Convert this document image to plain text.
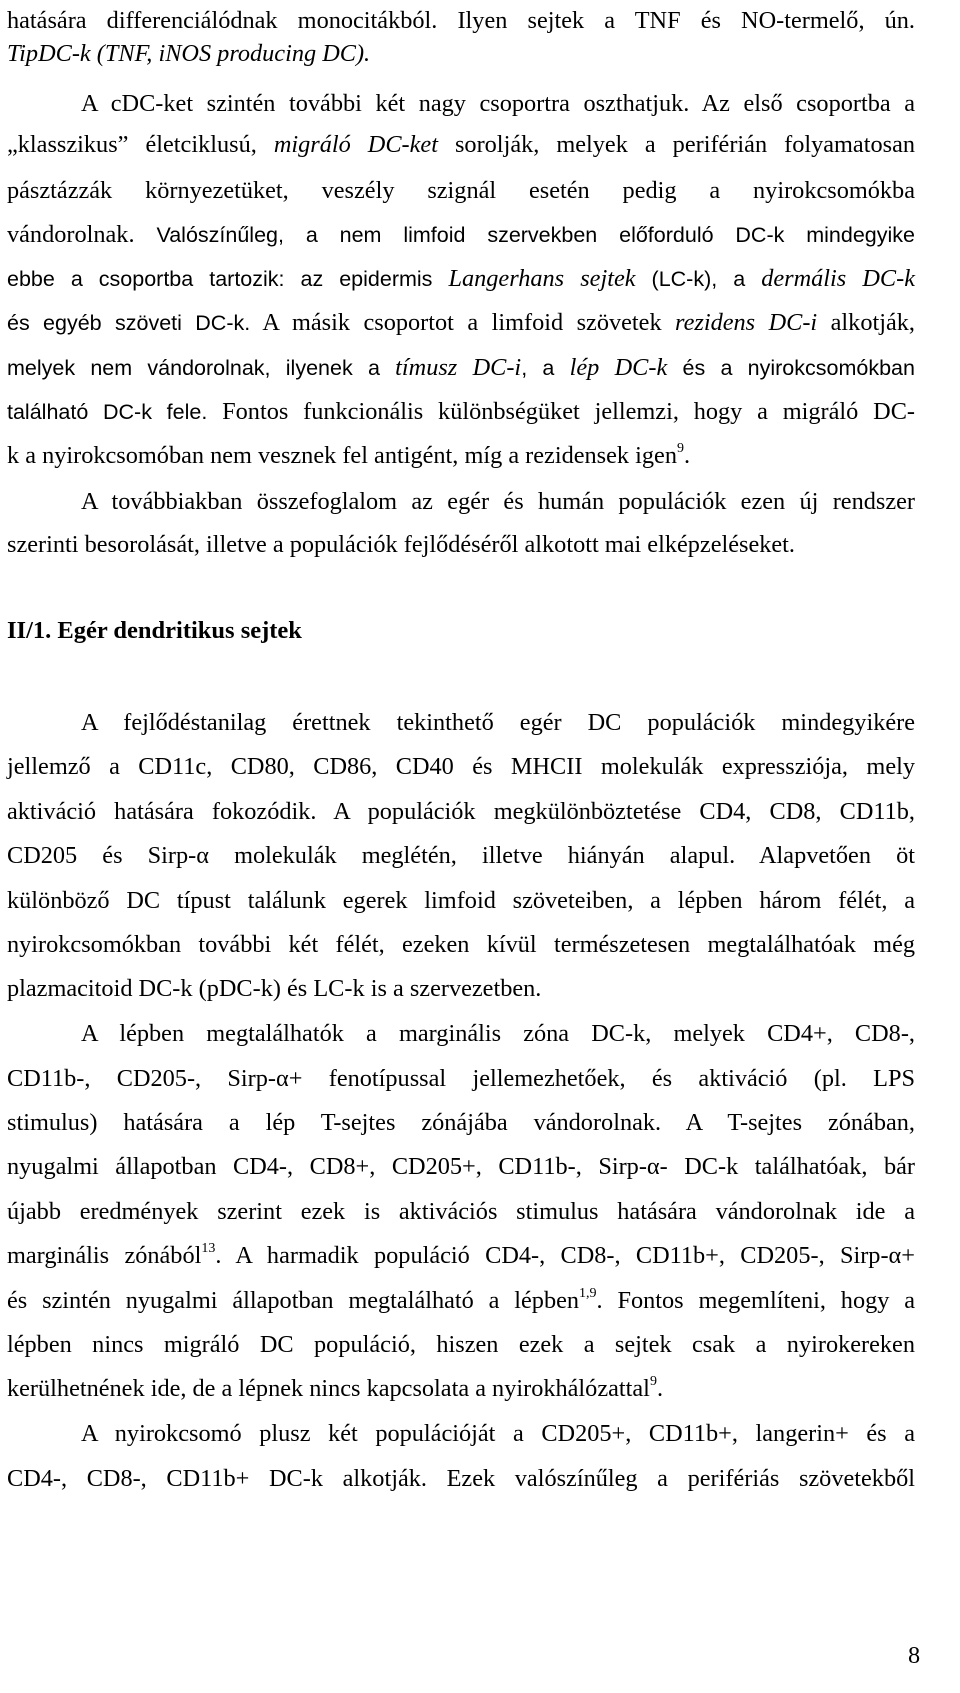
hatására differenciálódnak monocitákból. Ilyen sejtek a TNF és NO-termelő, ún.
TipDC-k (TNF, iNOS producing DC).
A cDC-ket szintén további két nagy csoportra oszthatjuk. Az első csoportba a
„klasszikus” életciklusú, migráló DC-ket sorolják, melyek a periférián folyamatosan
pásztázzák környezetüket, veszély szignál esetén pedig a nyirokcsomókba
vándorolnak. Valószínűleg, a nem limfoid szervekben előforduló DC-k mindegyike
ebbe a csoportba tartozik: az epidermis Langerhans sejtek (LC-k), a dermális DC-k
és egyéb szöveti DC-k. A másik csoportot a limfoid szövetek rezidens DC-i alkotják,
melyek nem vándorolnak, ilyenek a tímusz DC-i, a lép DC-k és a nyirokcsomókban
található DC-k fele. Fontos funkcionális különbségüket jellemzi, hogy a migráló DC-
k a nyirokcsomóban nem vesznek fel antigént, míg a rezidensek igen$^9$.
A továbbiakban összefoglalom az egér és humán populációk ezen új rendszer
szerinti besorolását, illetve a populációk fejlődéséről alkotott mai elképzeléseket.
II/1. Egér dendritikus sejtek
A fejlődéstanilag érettnek tekinthető egér DC populációk mindegyikére
jellemző a CD11c, CD80, CD86, CD40 és MHCII molekulák expressziója, mely
aktiváció hatására fokozódik. A populációk megkülönböztetése CD4, CD8, CD11b,
CD205 és Sirp-α molekulák meglétén, illetve hiányán alapul. Alapvetően öt
különböző DC típust találunk egerek limfoid szöveteiben, a lépben három félét, a
nyirokcsomókban további két félét, ezeken kívül természetesen megtalálhatóak még
plazmacitoid DC-k (pDC-k) és LC-k is a szervezetben.
A lépben megtalálhatók a marginális zóna DC-k, melyek CD4+, CD8-,
CD11b-, CD205-, Sirp-α+ fenotípussal jellemezhetőek, és aktiváció (pl. LPS
stimulus) hatására a lép T-sejtes zónájába vándorolnak. A T-sejtes zónában,
nyugalmi állapotban CD4-, CD8+, CD205+, CD11b-, Sirp-α- DC-k találhatóak, bár
újabb eredmények szerint ezek is aktivációs stimulus hatására vándorolnak ide a
marginális zónából$^{13}$. A harmadik populáció CD4-, CD8-, CD11b+, CD205-, Sirp-α+
és szintén nyugalmi állapotban megtalálható a lépben$^{1,9}$. Fontos megemlíteni, hogy a
lépben nincs migráló DC populáció, hiszen ezek a sejtek csak a nyirokereken
kerülhetnének ide, de a lépnek nincs kapcsolata a nyirokhálózattal$^9$.
A nyirokcsomó plusz két populációját a CD205+, CD11b+, langerin+ és a
CD4-, CD8-, CD11b+ DC-k alkotják. Ezek valószínűleg a perifériás szövetekből
8
